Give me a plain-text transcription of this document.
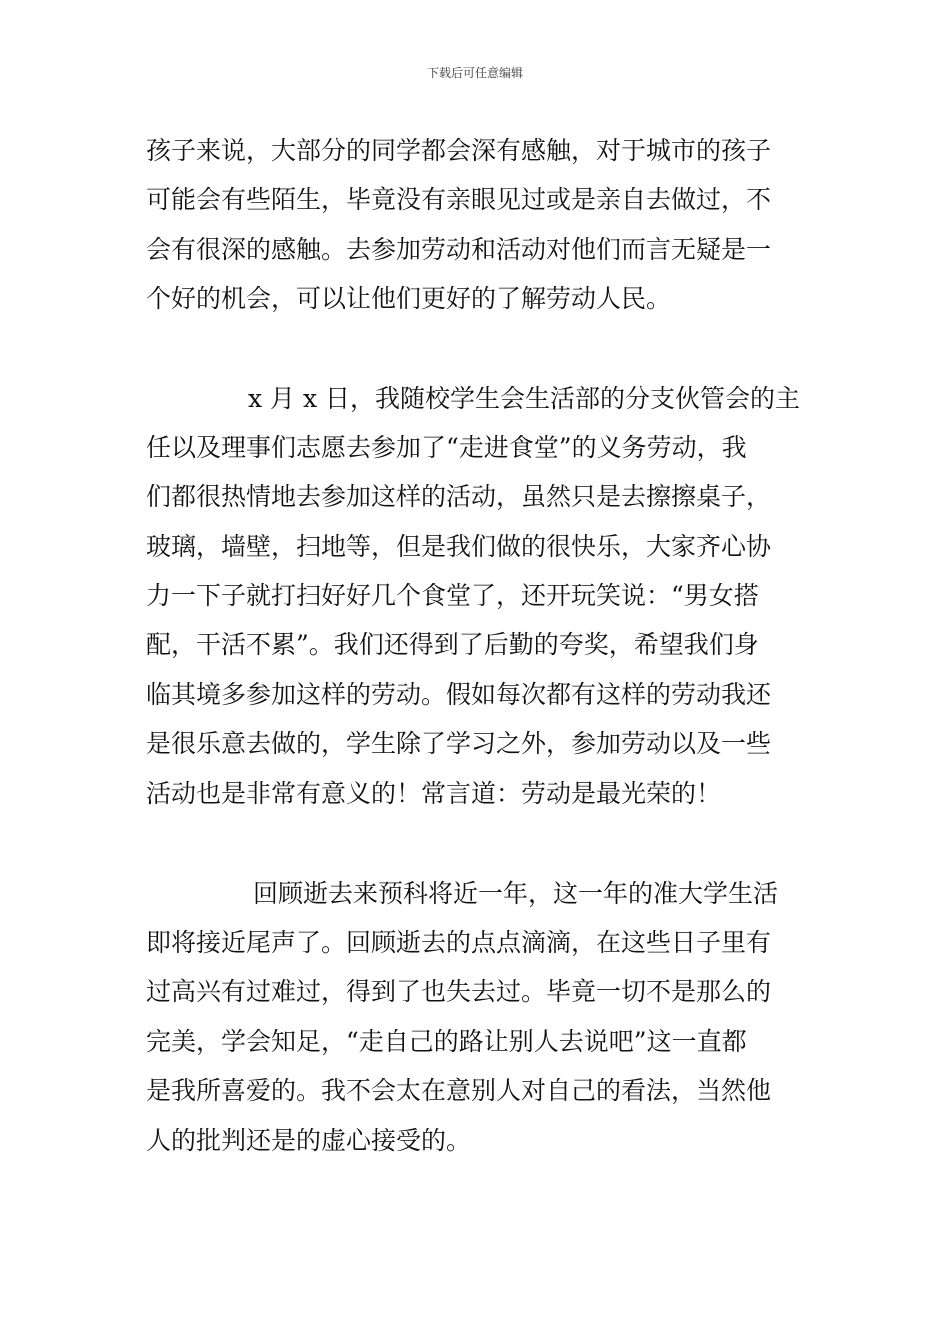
下载后可任意编辑
孩子来说，大部分的同学都会深有感触，对于城市的孩子
可能会有些陌生，毕竟没有亲眼见过或是亲自去做过，不
会有很深的感触。去参加劳动和活动对他们而言无疑是一
个好的机会，可以让他们更好的了解劳动人民。
x 月 x 日，我随校学生会生活部的分支伙管会的主
任以及理事们志愿去参加了“走进食堂”的义务劳动，我
们都很热情地去参加这样的活动，虽然只是去擦擦桌子，
玻璃，墙壁，扫地等，但是我们做的很快乐，大家齐心协
力一下子就打扫好好几个食堂了，还开玩笑说：“男女搭
配，干活不累”。我们还得到了后勤的夸奖，希望我们身
临其境多参加这样的劳动。假如每次都有这样的劳动我还
是很乐意去做的，学生除了学习之外，参加劳动以及一些
活动也是非常有意义的！常言道：劳动是最光荣的！
回顾逝去来预科将近一年，这一年的准大学生活
即将接近尾声了。回顾逝去的点点滴滴，在这些日子里有
过高兴有过难过，得到了也失去过。毕竟一切不是那么的
完美，学会知足，“走自己的路让别人去说吧”这一直都
是我所喜爱的。我不会太在意别人对自己的看法，当然他
人的批判还是的虚心接受的。
